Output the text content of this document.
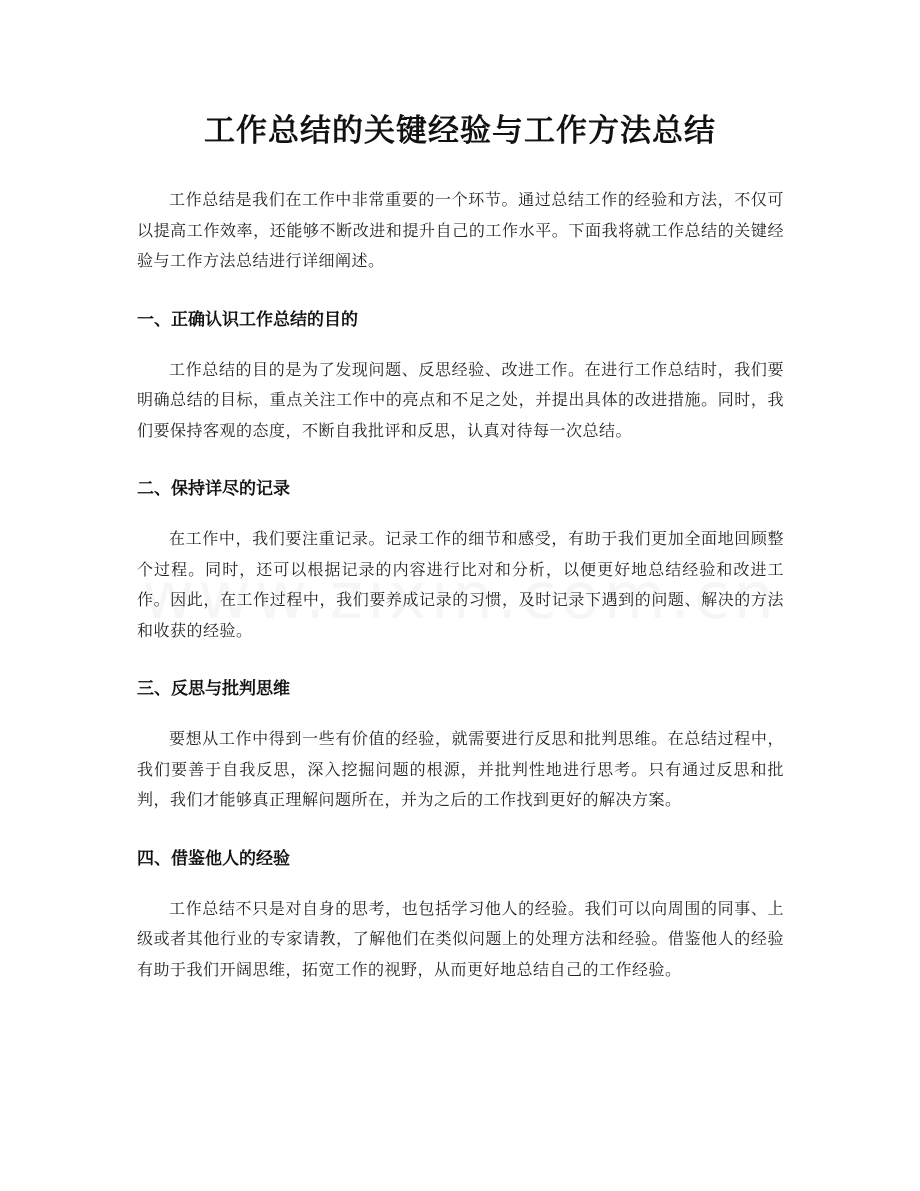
工作总结的关键经验与工作方法总结

工作总结是我们在工作中非常重要的一个环节。通过总结工作的经验和方法，不仅可以提高工作效率，还能够不断改进和提升自己的工作水平。下面我将就工作总结的关键经验与工作方法总结进行详细阐述。

一、正确认识工作总结的目的

工作总结的目的是为了发现问题、反思经验、改进工作。在进行工作总结时，我们要明确总结的目标，重点关注工作中的亮点和不足之处，并提出具体的改进措施。同时，我们要保持客观的态度，不断自我批评和反思，认真对待每一次总结。

二、保持详尽的记录

在工作中，我们要注重记录。记录工作的细节和感受，有助于我们更加全面地回顾整个过程。同时，还可以根据记录的内容进行比对和分析，以便更好地总结经验和改进工作。因此，在工作过程中，我们要养成记录的习惯，及时记录下遇到的问题、解决的方法和收获的经验。

三、反思与批判思维

要想从工作中得到一些有价值的经验，就需要进行反思和批判思维。在总结过程中，我们要善于自我反思，深入挖掘问题的根源，并批判性地进行思考。只有通过反思和批判，我们才能够真正理解问题所在，并为之后的工作找到更好的解决方案。

四、借鉴他人的经验

工作总结不只是对自身的思考，也包括学习他人的经验。我们可以向周围的同事、上级或者其他行业的专家请教，了解他们在类似问题上的处理方法和经验。借鉴他人的经验有助于我们开阔思维，拓宽工作的视野，从而更好地总结自己的工作经验。
